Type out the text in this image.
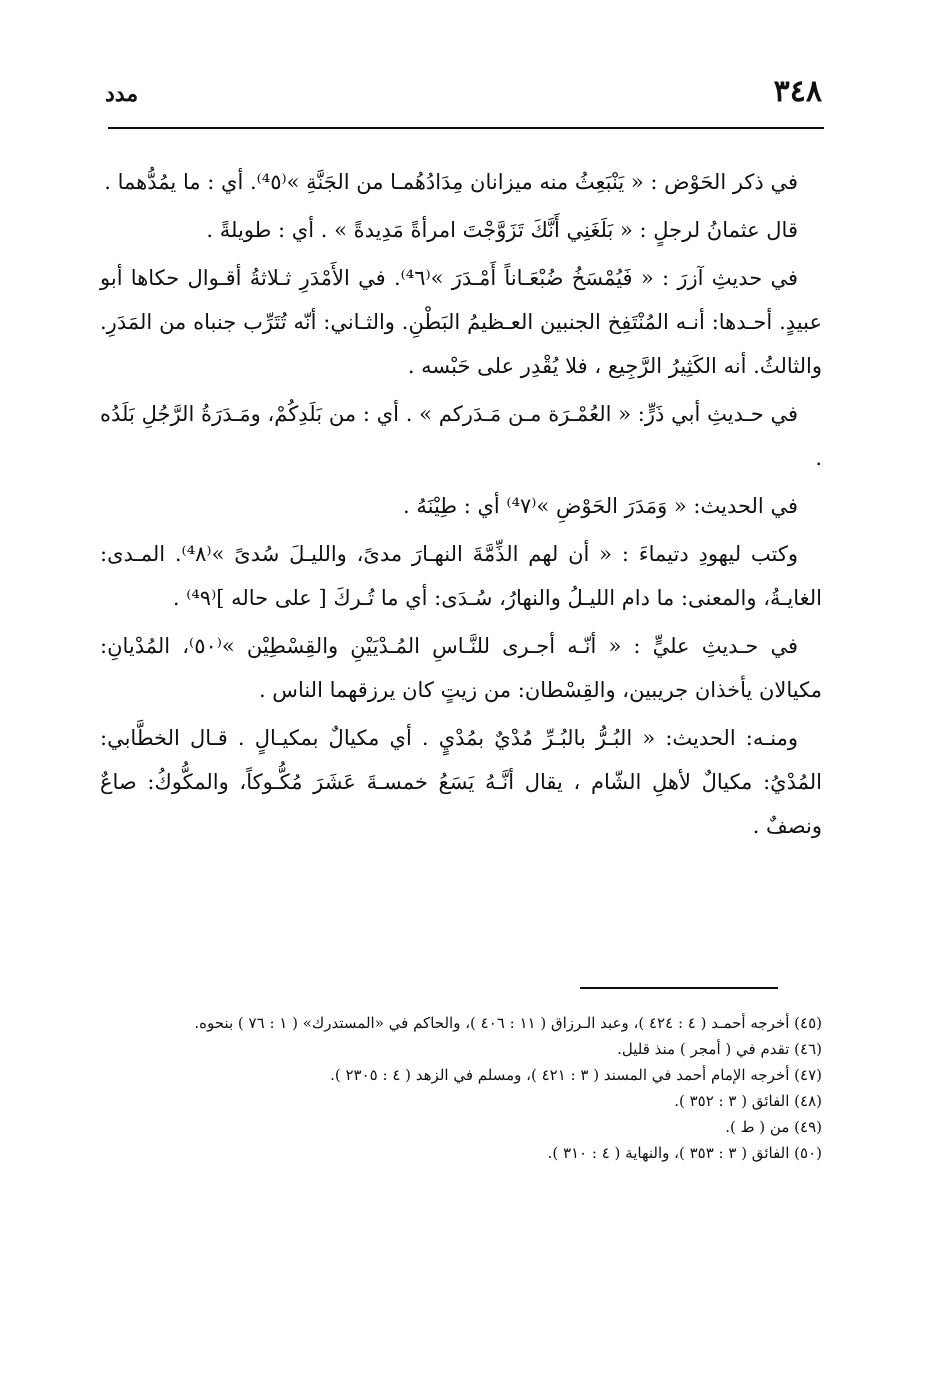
٣٤٨
مدد

في ذكر الحَوْض : « يَنْبَعِثُ منه ميزانان مِدَادُهُمـا من الجَنَّةِ »⁽⁴٥⁾. أي : ما يمُدُّهما .

قال عثمانُ لرجلٍ : « بَلَغَنِي أَنَّكَ تَزَوَّجْتَ امرأةً مَدِيدةً » . أي : طويلةً .

في حديثِ آزرَ : « فَيُمْسَخُ ضُبْعَـاناً أَمْـدَرَ »⁽⁴٦⁾. في الأَمْدَرِ ثـلاثةُ أقـوال حكاها أبو عبيدٍ. أحـدها: أنـه المُنْتَفِخ الجنبين العـظيمُ البَطْنِ. والثـاني: أنّه تُتَرِّب جنباه من المَدَرِ. والثالثُ. أنه الكَثِيرُ الرَّجِيع ، فلا يُقْدِر على حَبْسه .

في حـديثِ أبي ذَرٍّ: « العُمْـرَة مـن مَـدَركم » . أي : من بَلَدِكُمْ، ومَـدَرَةُ الرَّجُلِ بَلَدُه .

في الحديث: « وَمَدَرَ الحَوْضِ »⁽⁴٧⁾ أي : طِيْنَهُ .

وكتب ليهودِ دتيماءَ : « أن لهم الذِّمَّةَ النهـارَ مدىً، والليـلَ سُدىً »⁽⁴٨⁾. المـدى: الغايـةُ، والمعنى: ما دام الليـلُ والنهارُ، سُـدَى: أي ما تُـركَ [ على حاله ]⁽⁴٩⁾ .

في حـديثِ عليٍّ : « أنّـه أجـرى للنَّـاسِ المُـدْيَيْنِ والقِسْطِيْن »⁽٥٠⁾، المُدْيانِ: مكيالان يأخذان جريبين، والقِسْطان: من زيتٍ كان يرزقهما الناس .

ومنـه: الحديث: « البُـرُّ بالبُـرِّ مُدْيٌ بمُدْيٍ . أي مكيالٌ بمكيـالٍ . قـال الخطَّابي: المُدْيُ: مكيالٌ لأهلِ الشّام ، يقال أنَّـهُ يَسَعُ خمسـةَ عَشَرَ مُكُّـوكاً، والمكُّوكُ: صاعٌ ونصفٌ .

(٤٥) أخرجه أحمـد ( ٤ : ٤٢٤ )، وعبد الـرزاق ( ١١ : ٤٠٦ )، والحاكم في «المستدرك» ( ١ : ٧٦ ) بنحوه.

(٤٦) تقدم في ( أمجر ) منذ قليل.

(٤٧) أخرجه الإمام أحمد في المسند ( ٣ : ٤٢١ )، ومسلم في الزهد ( ٤ : ٢٣٠٥ ).

(٤٨) الفائق ( ٣ : ٣٥٢ ).

(٤٩) من ( ط ).

(٥٠) الفائق ( ٣ : ٣٥٣ )، والنهاية ( ٤ : ٣١٠ ).
